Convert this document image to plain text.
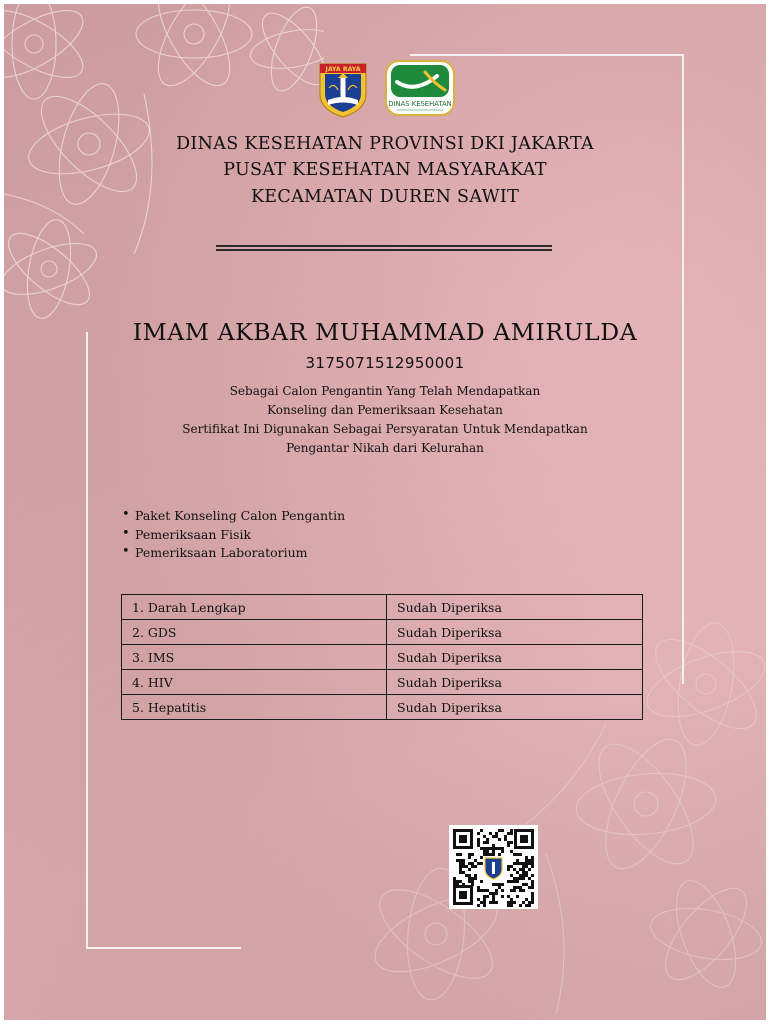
JAYA RAYA
DINAS KESEHATAN
DINAS KESEHATAN PROVINSI DKI JAKARTA
PUSAT KESEHATAN MASYARAKAT
KECAMATAN DUREN SAWIT
IMAM AKBAR MUHAMMAD AMIRULDA
3175071512950001
Sebagai Calon Pengantin Yang Telah Mendapatkan
Konseling dan Pemeriksaan Kesehatan
Sertifikat Ini Digunakan Sebagai Persyaratan Untuk Mendapatkan
Pengantar Nikah dari Kelurahan
• Paket Konseling Calon Pengantin
• Pemeriksaan Fisik
• Pemeriksaan Laboratorium
1. Darah Lengkap	Sudah Diperiksa
2. GDS	Sudah Diperiksa
3. IMS	Sudah Diperiksa
4. HIV	Sudah Diperiksa
5. Hepatitis	Sudah Diperiksa
